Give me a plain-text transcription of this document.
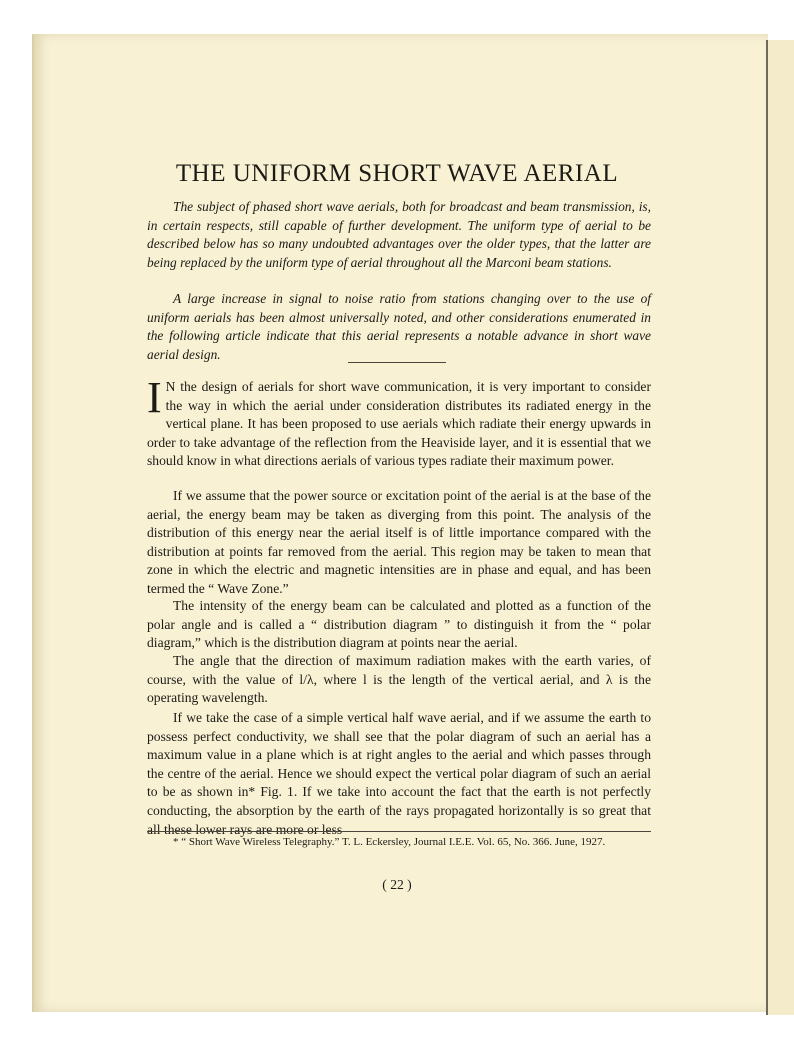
THE UNIFORM SHORT WAVE AERIAL

The subject of phased short wave aerials, both for broadcast and beam transmission, is, in certain respects, still capable of further development. The uniform type of aerial to be described below has so many undoubted advantages over the older types, that the latter are being replaced by the uniform type of aerial throughout all the Marconi beam stations.

A large increase in signal to noise ratio from stations changing over to the use of uniform aerials has been almost universally noted, and other considerations enumerated in the following article indicate that this aerial represents a notable advance in short wave aerial design.

I N the design of aerials for short wave communication, it is very important to consider the way in which the aerial under consideration distributes its radiated energy in the vertical plane. It has been proposed to use aerials which radiate their energy upwards in order to take advantage of the reflection from the Heaviside layer, and it is essential that we should know in what directions aerials of various types radiate their maximum power.

If we assume that the power source or excitation point of the aerial is at the base of the aerial, the energy beam may be taken as diverging from this point. The analysis of the distribution of this energy near the aerial itself is of little importance compared with the distribution at points far removed from the aerial. This region may be taken to mean that zone in which the electric and magnetic intensities are in phase and equal, and has been termed the “ Wave Zone.”

The intensity of the energy beam can be calculated and plotted as a function of the polar angle and is called a “ distribution diagram ” to distinguish it from the “ polar diagram,” which is the distribution diagram at points near the aerial.

The angle that the direction of maximum radiation makes with the earth varies, of course, with the value of l/λ, where l is the length of the vertical aerial, and λ is the operating wavelength.

If we take the case of a simple vertical half wave aerial, and if we assume the earth to possess perfect conductivity, we shall see that the polar diagram of such an aerial has a maximum value in a plane which is at right angles to the aerial and which passes through the centre of the aerial. Hence we should expect the vertical polar diagram of such an aerial to be as shown in* Fig. 1. If we take into account the fact that the earth is not perfectly conducting, the absorption by the earth of the rays propagated horizontally is so great that all these lower rays are more or less

* “ Short Wave Wireless Telegraphy.” T. L. Eckersley, Journal I.E.E. Vol. 65, No. 366. June, 1927.

( 22 )
